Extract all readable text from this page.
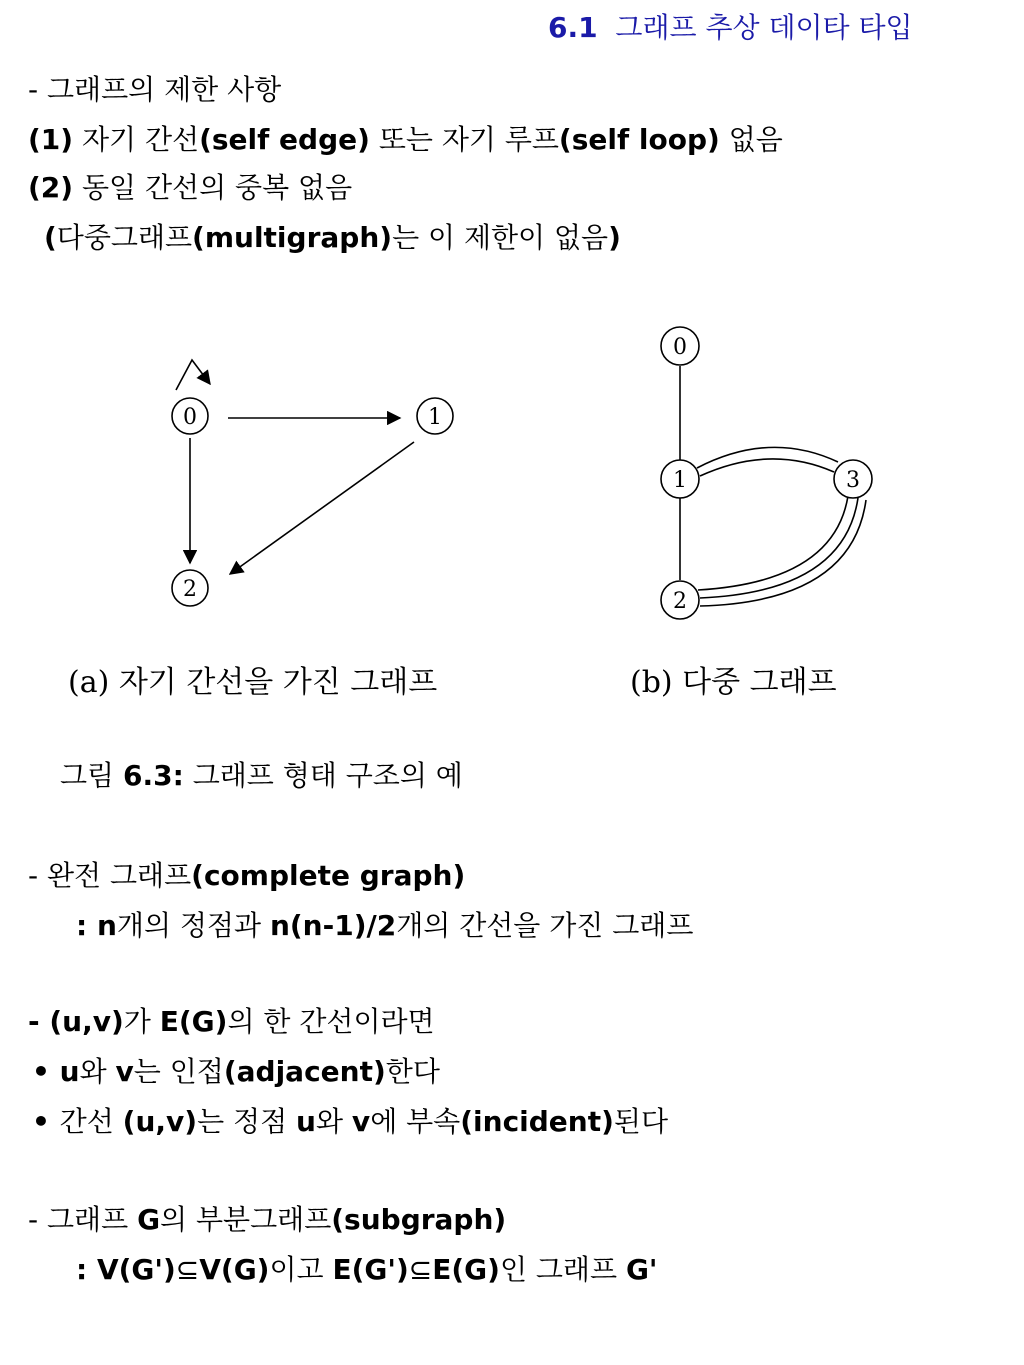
6.1 그래프 추상 데이타 타입
- 그래프의 제한 사항
(1) 자기 간선(self edge) 또는 자기 루프(self loop) 없음
(2) 동일 간선의 중복 없음
(다중그래프(multigraph)는 이 제한이 없음)
0	1
2
0
1
2
3
(a) 자기 간선을 가진 그래프	(b) 다중 그래프
그림 6.3: 그래프 형태 구조의 예
- 완전 그래프(complete graph)
: n개의 정점과 n(n-1)/2개의 간선을 가진 그래프
- (u,v)가 E(G)의 한 간선이라면
• u와 v는 인접(adjacent)한다
• 간선 (u,v)는 정점 u와 v에 부속(incident)된다
- 그래프 G의 부분그래프(subgraph)
: V(G')⊆V(G)이고 E(G')⊆E(G)인 그래프 G'
